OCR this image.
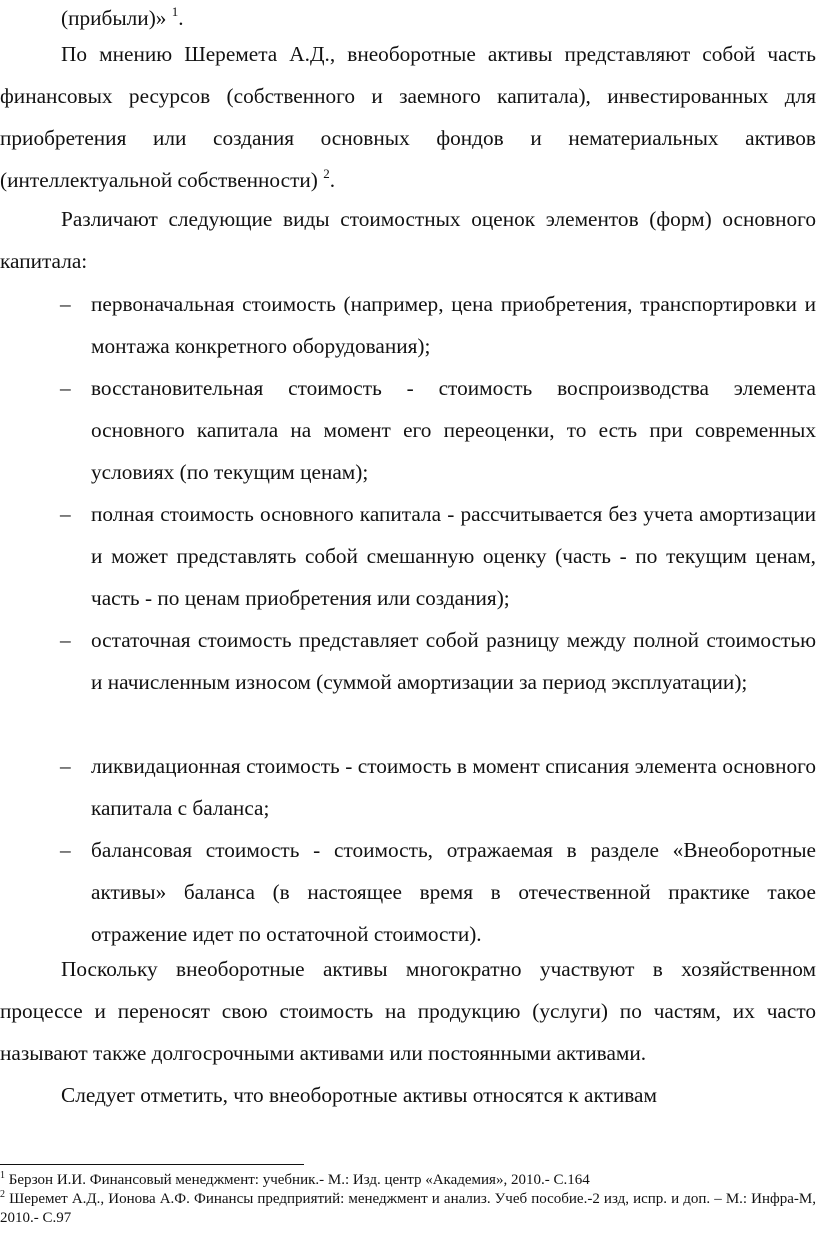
(прибыли)» $^1$.

По мнению Шеремета А.Д., внеоборотные активы представляют собой часть финансовых ресурсов (собственного и заемного капитала), инвестированных для приобретения или создания основных фондов и нематериальных активов (интеллектуальной собственности) $^2$.

Различают следующие виды стоимостных оценок элементов (форм) основного капитала:

– первоначальная стоимость (например, цена приобретения, транспортировки и монтажа конкретного оборудования);
– восстановительная стоимость - стоимость воспроизводства элемента основного капитала на момент его переоценки, то есть при современных условиях (по текущим ценам);
– полная стоимость основного капитала - рассчитывается без учета амортизации и может представлять собой смешанную оценку (часть - по текущим ценам, часть - по ценам приобретения или создания);
– остаточная стоимость представляет собой разницу между полной стоимостью и начисленным износом (суммой амортизации за период эксплуатации);
– ликвидационная стоимость - стоимость в момент списания элемента основного капитала с баланса;
– балансовая стоимость - стоимость, отражаемая в разделе «Внеоборотные активы» баланса (в настоящее время в отечественной практике такое отражение идет по остаточной стоимости).

Поскольку внеоборотные активы многократно участвуют в хозяйственном процессе и переносят свою стоимость на продукцию (услуги) по частям, их часто называют также долгосрочными активами или постоянными активами.

Следует отметить, что внеоборотные активы относятся к активам

$^1$ Берзон И.И. Финансовый менеджмент: учебник.- М.: Изд. центр «Академия», 2010.- С.164

$^2$ Шеремет А.Д., Ионова А.Ф. Финансы предприятий: менеджмент и анализ. Учеб пособие.-2 изд, испр. и доп. – М.: Инфра-М, 2010.- С.97
